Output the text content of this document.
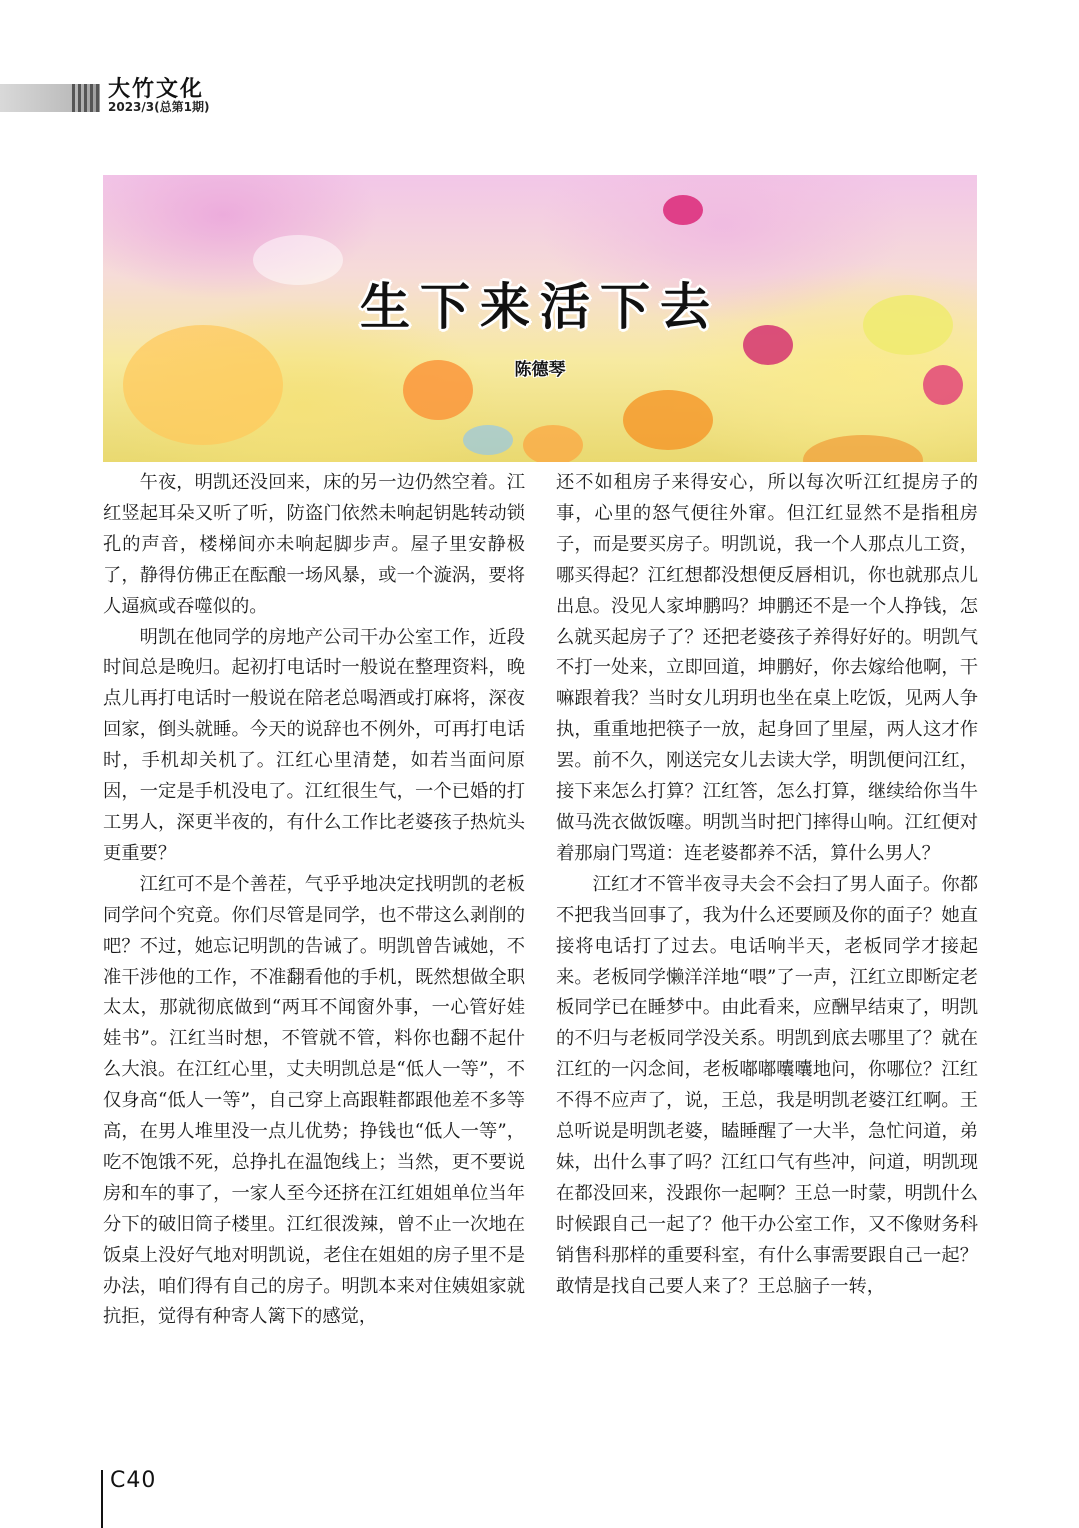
大竹文化
2023/3(总第1期)
生下来活下去
陈德琴

午夜，明凯还没回来，床的另一边仍然空着。江红竖起耳朵又听了听，防盗门依然未响起钥匙转动锁孔的声音，楼梯间亦未响起脚步声。屋子里安静极了，静得仿佛正在酝酿一场风暴，或一个漩涡，要将人逼疯或吞噬似的。

明凯在他同学的房地产公司干办公室工作，近段时间总是晚归。起初打电话时一般说在整理资料，晚点儿再打电话时一般说在陪老总喝酒或打麻将，深夜回家，倒头就睡。今天的说辞也不例外，可再打电话时，手机却关机了。江红心里清楚，如若当面问原因，一定是手机没电了。江红很生气，一个已婚的打工男人，深更半夜的，有什么工作比老婆孩子热炕头更重要？

江红可不是个善茬，气乎乎地决定找明凯的老板同学问个究竟。你们尽管是同学，也不带这么剥削的吧？不过，她忘记明凯的告诫了。明凯曾告诫她，不准干涉他的工作，不准翻看他的手机，既然想做全职太太，那就彻底做到“两耳不闻窗外事，一心管好娃娃书”。江红当时想，不管就不管，料你也翻不起什么大浪。在江红心里，丈夫明凯总是“低人一等”，不仅身高“低人一等”，自己穿上高跟鞋都跟他差不多等高，在男人堆里没一点儿优势；挣钱也“低人一等”，吃不饱饿不死，总挣扎在温饱线上；当然，更不要说房和车的事了，一家人至今还挤在江红姐姐单位当年分下的破旧筒子楼里。江红很泼辣，曾不止一次地在饭桌上没好气地对明凯说，老住在姐姐的房子里不是办法，咱们得有自己的房子。明凯本来对住姨姐家就抗拒，觉得有种寄人篱下的感觉，

还不如租房子来得安心，所以每次听江红提房子的事，心里的怒气便往外窜。但江红显然不是指租房子，而是要买房子。明凯说，我一个人那点儿工资，哪买得起？江红想都没想便反唇相讥，你也就那点儿出息。没见人家坤鹏吗？坤鹏还不是一个人挣钱，怎么就买起房子了？还把老婆孩子养得好好的。明凯气不打一处来，立即回道，坤鹏好，你去嫁给他啊，干嘛跟着我？当时女儿玥玥也坐在桌上吃饭，见两人争执，重重地把筷子一放，起身回了里屋，两人这才作罢。前不久，刚送完女儿去读大学，明凯便问江红，接下来怎么打算？江红答，怎么打算，继续给你当牛做马洗衣做饭噻。明凯当时把门摔得山响。江红便对着那扇门骂道：连老婆都养不活，算什么男人？

江红才不管半夜寻夫会不会扫了男人面子。你都不把我当回事了，我为什么还要顾及你的面子？她直接将电话打了过去。电话响半天，老板同学才接起来。老板同学懒洋洋地“喂”了一声，江红立即断定老板同学已在睡梦中。由此看来，应酬早结束了，明凯的不归与老板同学没关系。明凯到底去哪里了？就在江红的一闪念间，老板嘟嘟囔囔地问，你哪位？江红不得不应声了，说，王总，我是明凯老婆江红啊。王总听说是明凯老婆，瞌睡醒了一大半，急忙问道，弟妹，出什么事了吗？江红口气有些冲，问道，明凯现在都没回来，没跟你一起啊？王总一时蒙，明凯什么时候跟自己一起了？他干办公室工作，又不像财务科销售科那样的重要科室，有什么事需要跟自己一起？敢情是找自己要人来了？王总脑子一转，

C40
